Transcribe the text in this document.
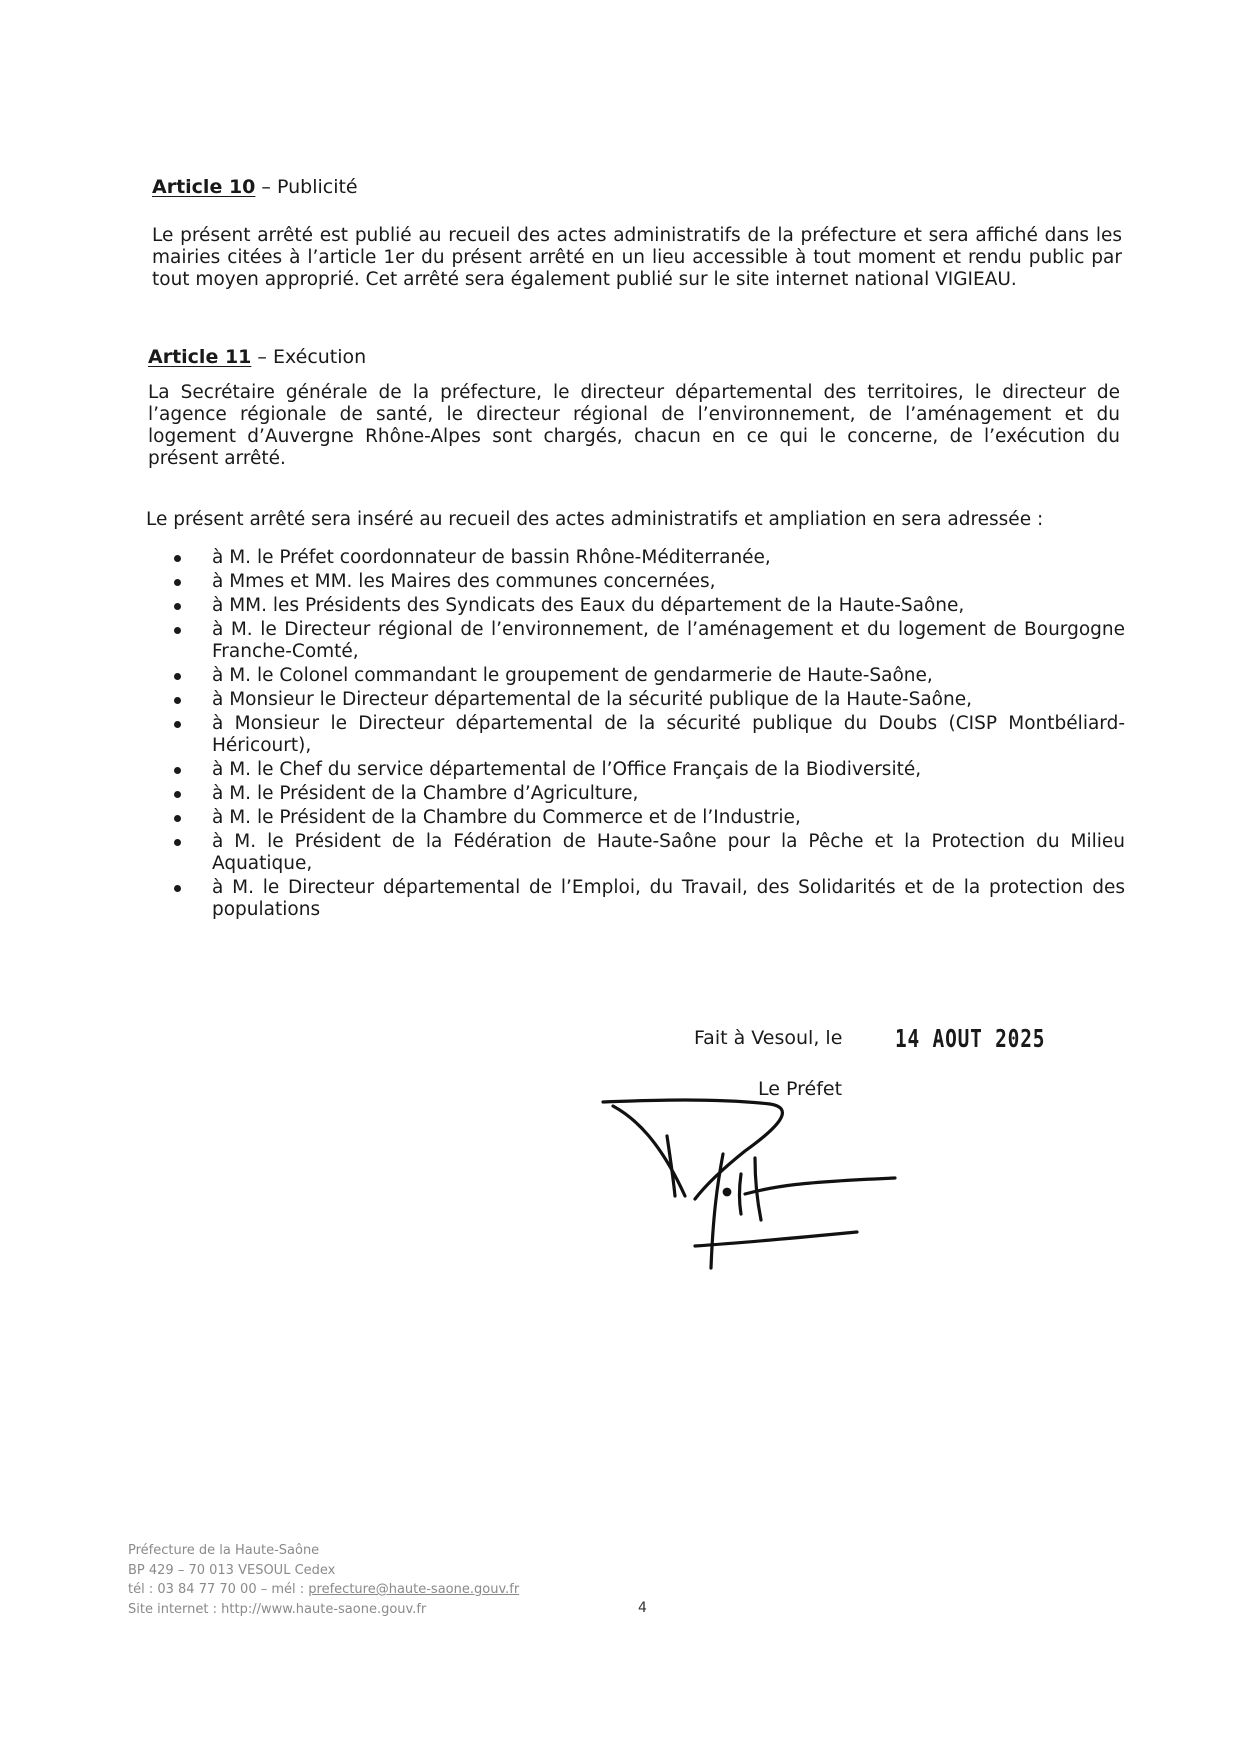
Article 10 – Publicité
Le présent arrêté est publié au recueil des actes administratifs de la préfecture et sera affiché dans les mairies citées à l’article 1er du présent arrêté en un lieu accessible à tout moment et rendu public par tout moyen approprié. Cet arrêté sera également publié sur le site internet national VIGIEAU.
Article 11 – Exécution
La Secrétaire générale de la préfecture, le directeur départemental des territoires, le directeur de l’agence régionale de santé, le directeur régional de l’environnement, de l’aménagement et du logement d’Auvergne Rhône-Alpes sont chargés, chacun en ce qui le concerne, de l’exécution du présent arrêté.
Le présent arrêté sera inséré au recueil des actes administratifs et ampliation en sera adressée :
à M. le Préfet coordonnateur de bassin Rhône-Méditerranée,
à Mmes et MM. les Maires des communes concernées,
à MM. les Présidents des Syndicats des Eaux du département de la Haute-Saône,
à M. le Directeur régional de l’environnement, de l’aménagement et du logement de Bourgogne Franche-Comté,
à M. le Colonel commandant le groupement de gendarmerie de Haute-Saône,
à Monsieur le Directeur départemental de la sécurité publique de la Haute-Saône,
à Monsieur le Directeur départemental de la sécurité publique du Doubs (CISP Montbéliard-Héricourt),
à M. le Chef du service départemental de l’Office Français de la Biodiversité,
à M. le Président de la Chambre d’Agriculture,
à M. le Président de la Chambre du Commerce et de l’Industrie,
à M. le Président de la Fédération de Haute-Saône pour la Pêche et la Protection du Milieu Aquatique,
à M. le Directeur départemental de l’Emploi, du Travail, des Solidarités et de la protection des populations
Fait à Vesoul, le 14 AOUT 2025
Le Préfet
Préfecture de la Haute-Saône
BP 429 – 70 013 VESOUL Cedex
tél : 03 84 77 70 00 – mél : prefecture@haute-saone.gouv.fr
Site internet : http://www.haute-saone.gouv.fr	4
